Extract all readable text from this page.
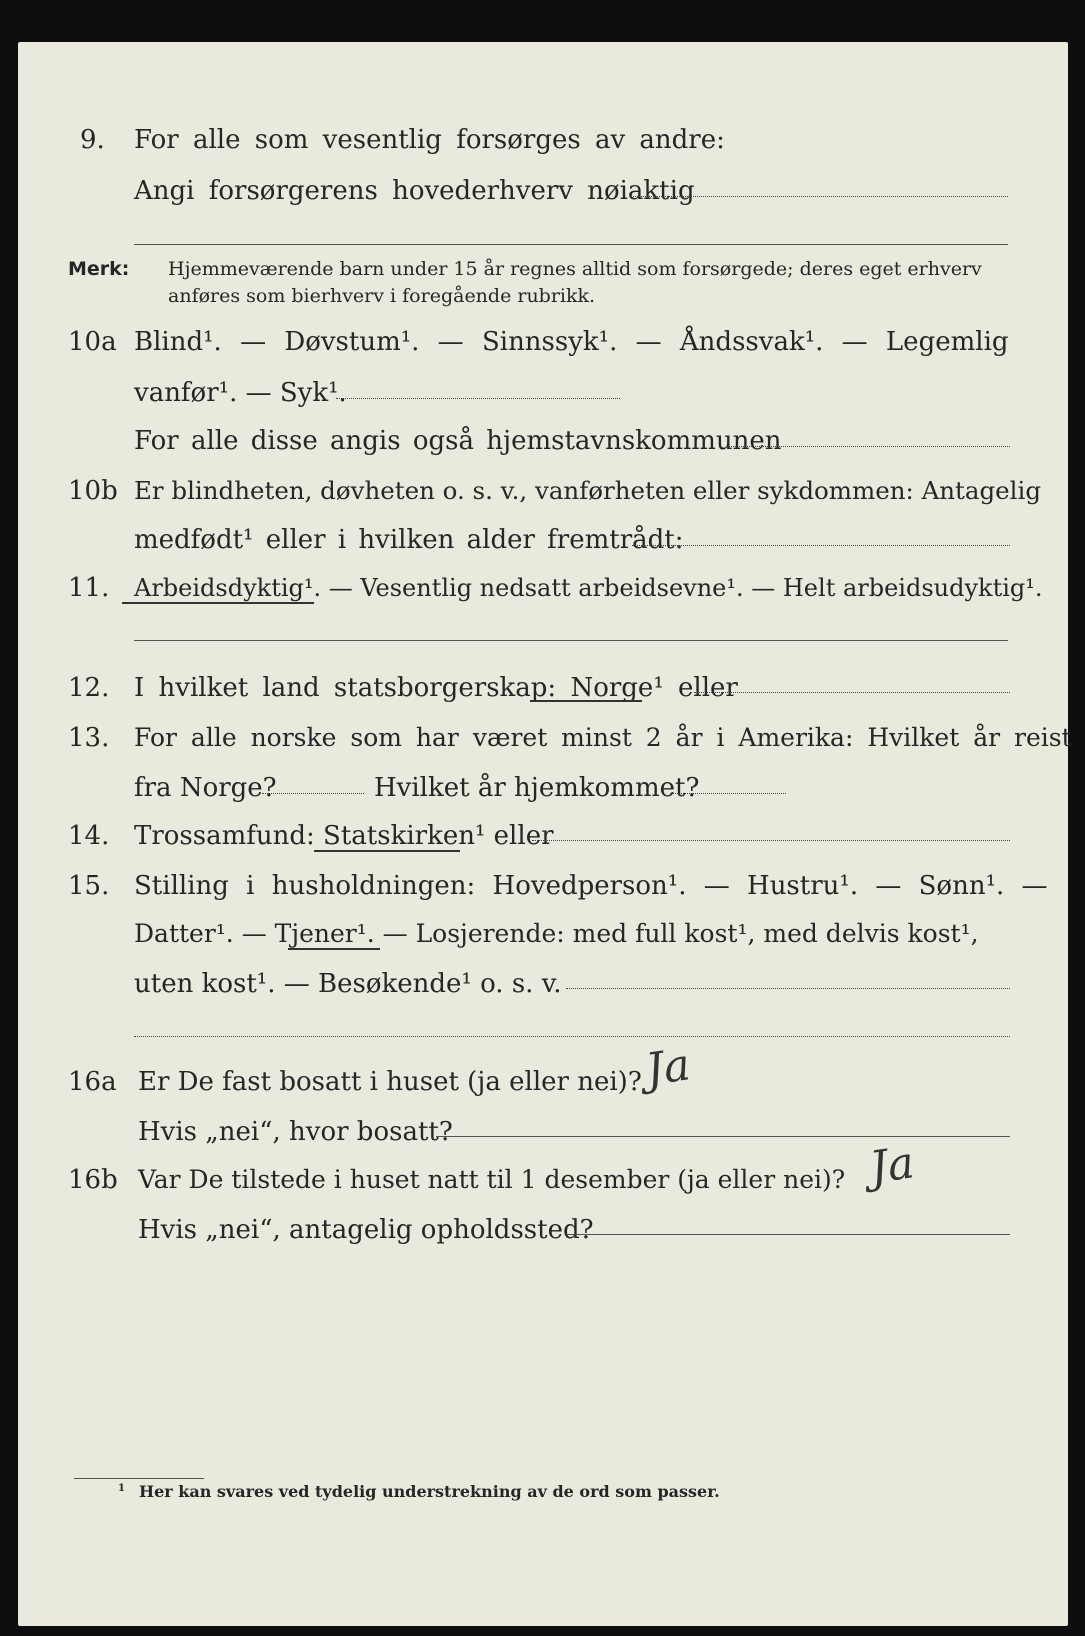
9. For alle som vesentlig forsørges av andre:
Angi forsørgerens hovederhverv nøiaktig
Merk: Hjemmeværende barn under 15 år regnes alltid som forsørgede; deres eget erhverv
anføres som bierhverv i foregående rubrikk.
10a Blind¹. — Døvstum¹. — Sinnssyk¹. — Åndssvak¹. — Legemlig
vanfør¹. — Syk¹.
For alle disse angis også hjemstavnskommunen
10b Er blindheten, døvheten o. s. v., vanførheten eller sykdommen: Antagelig
medfødt¹ eller i hvilken alder fremtrådt:
11. Arbeidsdyktig¹. — Vesentlig nedsatt arbeidsevne¹. — Helt arbeidsudyktig¹.
12. I hvilket land statsborgerskap: Norge¹ eller
13. For alle norske som har været minst 2 år i Amerika: Hvilket år reist
fra Norge?	Hvilket år hjemkommet?
14. Trossamfund: Statskirken¹ eller
15. Stilling i husholdningen: Hovedperson¹. — Hustru¹. — Sønn¹. —
Datter¹. — Tjener¹. — Losjerende: med full kost¹, med delvis kost¹,
uten kost¹. — Besøkende¹ o. s. v.
16a Er De fast bosatt i huset (ja eller nei)? Ja
Hvis „nei“, hvor bosatt?
16b Var De tilstede i huset natt til 1 desember (ja eller nei)? Ja
Hvis „nei“, antagelig opholdssted?
$^1$ Her kan svares ved tydelig understrekning av de ord som passer.
